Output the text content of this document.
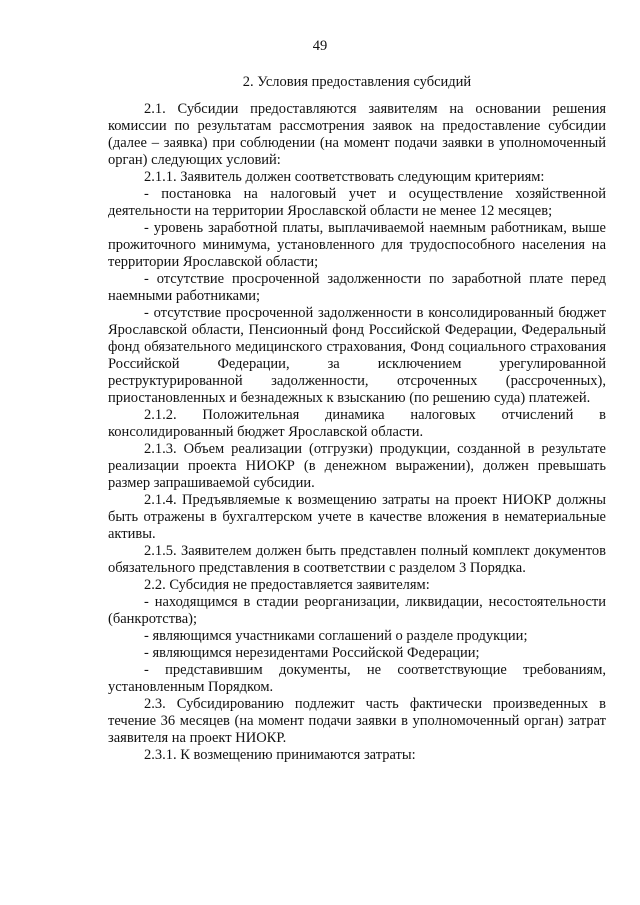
49
2. Условия предоставления субсидий

2.1. Субсидии предоставляются заявителям на основании решения комиссии по результатам рассмотрения заявок на предоставление субсидии (далее – заявка) при соблюдении (на момент подачи заявки в уполномоченный орган) следующих условий:

2.1.1. Заявитель должен соответствовать следующим критериям:

- постановка на налоговый учет и осуществление хозяйственной деятельности на территории Ярославской области не менее 12 месяцев;

- уровень заработной платы, выплачиваемой наемным работникам, выше прожиточного минимума, установленного для трудоспособного населения на территории Ярославской области;

- отсутствие просроченной задолженности по заработной плате перед наемными работниками;

- отсутствие просроченной задолженности в консолидированный бюджет Ярославской области, Пенсионный фонд Российской Федерации, Федеральный фонд обязательного медицинского страхования, Фонд социального страхования Российской Федерации, за исключением урегулированной реструктурированной задолженности, отсроченных (рассроченных), приостановленных и безнадежных к взысканию (по решению суда) платежей.

2.1.2. Положительная динамика налоговых отчислений в консолидированный бюджет Ярославской области.

2.1.3. Объем реализации (отгрузки) продукции, созданной в результате реализации проекта НИОКР (в денежном выражении), должен превышать размер запрашиваемой субсидии.

2.1.4. Предъявляемые к возмещению затраты на проект НИОКР должны быть отражены в бухгалтерском учете в качестве вложения в нематериальные активы.

2.1.5. Заявителем должен быть представлен полный комплект документов обязательного представления в соответствии с разделом 3 Порядка.

2.2. Субсидия не предоставляется заявителям:

- находящимся в стадии реорганизации, ликвидации, несостоятельности (банкротства);

- являющимся участниками соглашений о разделе продукции;

- являющимся нерезидентами Российской Федерации;

- представившим документы, не соответствующие требованиям, установленным Порядком.

2.3. Субсидированию подлежит часть фактически произведенных в течение 36 месяцев (на момент подачи заявки в уполномоченный орган) затрат заявителя на проект НИОКР.

2.3.1. К возмещению принимаются затраты:
